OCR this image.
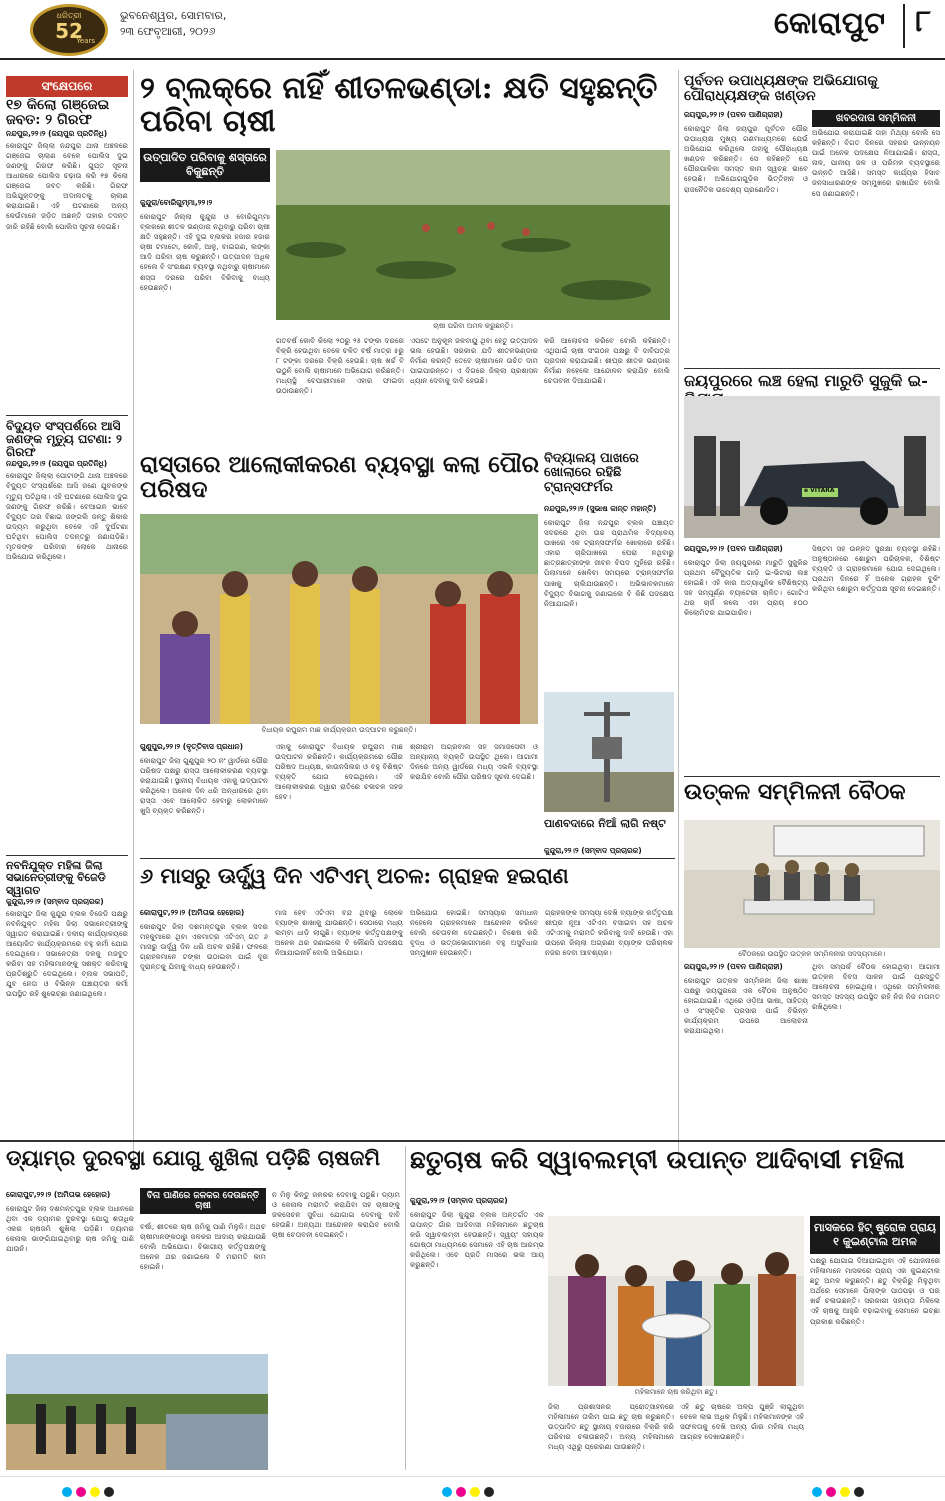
ଧରିତ୍ରୀ
52
Years
ଭୁବନେଶ୍ୱର, ସୋମବାର,
୨୩ ଫେବୃଆରୀ, ୨୦୨୬	କୋରାପୁଟ	୮
ସଂକ୍ଷେପରେ
୧୭ କିଲୋ ଗଞ୍ଜେଇ ଜବତ: ୨ ଗିରଫ
ନନ୍ଦପୁର,୨୨।୨ (ଜୟପୁର ପ୍ରତିନିଧି)
କୋରାପୁଟ ଜିଲ୍ଲା ନନ୍ଦପୁର ଥାନା ଅଞ୍ଚଳରେ ଗଞ୍ଜେଇ ଚାଲାଣ ବେଳେ ପୋଲିସ ଦୁଇ ଜଣଙ୍କୁ ଗିରଫ କରିଛି। ଗୁପ୍ତ ସୂଚନା ଆଧାରରେ ପୋଲିସ ଚଢ଼ାଉ କରି ୧୭ କିଲୋ ଗଞ୍ଜେଇ ଜବତ କରିଛି। ଗିରଫ ଅଭିଯୁକ୍ତଙ୍କୁ ଅଦାଲତକୁ ଚାଲାଣ କରାଯାଇଛି। ଏହି ଘଟଣାରେ ଅନ୍ୟ କେଉଁମାନେ ଜଡ଼ିତ ଅଛନ୍ତି ତାହାର ତଦନ୍ତ ଜାରି ରହିଛି ବୋଲି ପୋଲିସ ସୂଚନା ଦେଇଛି।
ବିଦ୍ୟୁତ ସଂସ୍ପର୍ଶରେ ଆସି ଜଣଙ୍କ ମୃତ୍ୟୁ ଘଟଣା: ୨ ଗିରଫ
ନନ୍ଦପୁର,୨୨।୨ (ଜୟପୁର ପ୍ରତିନିଧି)
କୋରାପୁଟ ଜିଲ୍ଲା ପୋଟାଙ୍ଗି ଥାନା ଅଞ୍ଚଳରେ ବିଦ୍ୟୁତ ସଂସ୍ପର୍ଶରେ ଆସି ଜଣେ ଯୁବକଙ୍କ ମୃତ୍ୟୁ ଘଟିଥିଲା। ଏହି ଘଟଣାରେ ପୋଲିସ ଦୁଇ ଜଣଙ୍କୁ ଗିରଫ କରିଛି। ବେଆଇନ ଭାବେ ବିଦ୍ୟୁତ ତାର ବିଛାଇ ଜଙ୍ଗଲି ଜନ୍ତୁ ଶିକାର ଉଦ୍ୟମ କରୁଥିବା ବେଳେ ଏହି ଦୁର୍ଘଟଣା ଘଟିଥିବା ପୋଲିସ ତଦନ୍ତରୁ ଜଣାପଡ଼ିଛି। ମୃତକଙ୍କ ପରିବାର ଲୋକେ ଥାନାରେ ଅଭିଯୋଗ କରିଥିଲେ।
ନବନିଯୁକ୍ତ ମହିଳା ଜିଲା ସଭାନେତ୍ରୀଙ୍କୁ ବିଜେଡି ସ୍ୱାଗତ
କୁନ୍ଦୁରା,୨୨।୨ (ସମ୍ବାଦ ପ୍ରଚାରକ)
କୋରାପୁଟ ଜିଲା କୁନ୍ଦୁରା ବ୍ଲକ ବିଜେଡି ପକ୍ଷରୁ ନବନିଯୁକ୍ତ ମହିଳା ଜିଲା ସଭାନେତ୍ରୀଙ୍କୁ ସ୍ୱାଗତ କରାଯାଇଛି। ଦଳୀୟ କାର୍ଯ୍ୟାଳୟରେ ଆୟୋଜିତ କାର୍ଯ୍ୟକ୍ରମରେ ବହୁ କର୍ମୀ ଯୋଗ ଦେଇଥିଲେ। ସଭାନେତ୍ରୀ ଦଳକୁ ମଜବୁତ କରିବା ସହ ମହିଳାମାନଙ୍କୁ ସଶକ୍ତ କରିବାକୁ ପ୍ରତିଶ୍ରୁତି ଦେଇଥିଲେ। ବ୍ଲକ ସଭାପତି, ଯୁବ ନେତା ଓ ବିଭିନ୍ନ ପଞ୍ଚାୟତର କର୍ମୀ ଉପସ୍ଥିତ ରହି ଶୁଭେଚ୍ଛା ଜଣାଇଥିଲେ।
୨ ବ୍ଲକ୍‌ରେ ନାହିଁ ଶୀତଳଭଣ୍ଡା: କ୍ଷତି ସହୁଛନ୍ତି ପରିବା ଚାଷୀ
ଉତ୍ପାଦିତ ପରିବାକୁ ଶସ୍ତାରେ ବିକୁଛନ୍ତି
କୁନ୍ଦୁରା/ବୋରିଗୁମ୍ମା,୨୨।୨
କୋରାପୁଟ ଜିଲ୍ଲା କୁନ୍ଦୁରା ଓ ବୋରିଗୁମ୍ମା ବ୍ଲକରେ ଶୀତଳ ଭଣ୍ଡାର ନଥିବାରୁ ପରିବା ଚାଷୀ କ୍ଷତି ସହୁଛନ୍ତି। ଏହି ଦୁଇ ବ୍ଲକର ହଜାର ହଜାର ଚାଷୀ ଟମାଟୋ, କୋବି, ଆଳୁ, ବାଇଗଣ, ଲଙ୍କା ଆଦି ପରିବା ଚାଷ କରୁଛନ୍ତି। ଉତ୍ପାଦନ ଅଧିକ ହେଲେ ବି ସଂରକ୍ଷଣ ବ୍ୟବସ୍ଥା ନଥିବାରୁ ଚାଷୀମାନେ ଶସ୍ତା ଦରରେ ପରିବା ବିକିବାକୁ ବାଧ୍ୟ ହେଉଛନ୍ତି।
ଚାଷୀ ପରିବା ଅମଳ କରୁଛନ୍ତି।
ଗତବର୍ଷ କୋବି କିଲୋ ୨୦ରୁ ୨୫ ଟଙ୍କା ଦରରେ ବିକ୍ରି ହେଉଥିବା ବେଳେ ଚଳିତ ବର୍ଷ ମାତ୍ର ୫ରୁ ୮ ଟଙ୍କା ଦରରେ ବିକ୍ରି ହେଉଛି। ଚାଷ ଖର୍ଚ୍ଚ ବି ଉଠୁନି ବୋଲି ଚାଷୀମାନେ ଅଭିଯୋଗ କରିଛନ୍ତି। ମଧ୍ୟସ୍ଥି ବେପାରୀମାନେ ଏହାର ଫାଇଦା ଉଠାଉଛନ୍ତି।
ଏପଟେ ଅନୁକୂଳ ଜଳବାୟୁ ଥିବା ହେତୁ ଉତ୍ପାଦନ ଭଲ ହେଉଛି। ସରକାର ଯଦି ଶୀତଳଭଣ୍ଡାର ନିର୍ମାଣ କରନ୍ତି ତେବେ ଚାଷୀମାନେ ଉଚିତ ଦାମ ପାଇପାରନ୍ତେ। ଏ ଦିଗରେ ଜିଲ୍ଲା ପ୍ରଶାସନ ଧ୍ୟାନ ଦେବାକୁ ଦାବି ହେଉଛି।
କରି ଆଲୋଚନା କରିବେ ବୋଲି କହିଛନ୍ତି। ଏଥିପାଇଁ ଚାଷୀ ସଂଗଠନ ପକ୍ଷରୁ ବି ଦାବିପତ୍ର ପ୍ରଦାନ କରାଯାଇଛି। ଶୀଘ୍ର ଶୀତଳ ଭଣ୍ଡାର ନିର୍ମାଣ ନହେଲେ ଆନ୍ଦୋଳନ କରାଯିବ ବୋଲି ଚେତାବନୀ ଦିଆଯାଇଛି।
ରାସ୍ତାରେ ଆଲୋକୀକରଣ ବ୍ୟବସ୍ଥା କଲା ପୌର ପରିଷଦ
ବିଧାୟକ ରଘୁରାମ ମାଛ କାର୍ଯ୍ୟକ୍ରମ ଉଦ୍‌ଘାଟନ କରୁଛନ୍ତି।
ଗୁଣୁପୁର,୨୨।୨ (ବୃତ୍ତିବାସ ପ୍ରଧାନ)
କୋରାପୁଟ ଜିଲା ଗୁଣୁପୁର ୨୦ ନଂ ୱାର୍ଡରେ ପୌର ପରିଷଦ ପକ୍ଷରୁ ରାସ୍ତା ଆଲୋକୀକରଣ ବ୍ୟବସ୍ଥା କରାଯାଇଛି। ସ୍ଥାନୀୟ ବିଧାୟକ ଏହାକୁ ଉଦ୍‌ଘାଟନ କରିଥିଲେ। ଅନେକ ଦିନ ଧରି ଅନ୍ଧାରରେ ଥିବା ରାସ୍ତା ଏବେ ଆଲୋକିତ ହେବାରୁ ଲୋକମାନେ ଖୁସି ବ୍ୟକ୍ତ କରିଛନ୍ତି।
ଏହାକୁ କୋରାପୁଟ ବିଧାୟକ ରଘୁରାମ ମାଛ ଉଦ୍‌ଘାଟନ କରିଛନ୍ତି। କାର୍ଯ୍ୟକ୍ରମରେ ପୌର ପରିଷଦ ଅଧ୍ୟକ୍ଷ, କାଉନସିଲର ଓ ବହୁ ବିଶିଷ୍ଟ ବ୍ୟକ୍ତି ଯୋଗ ଦେଇଥିଲେ। ଏହି ଆଲୋକୀକରଣ ଦ୍ୱାରା ରାତିରେ ଚଳାଚଳ ସହଜ ହେବ।
ଶ୍ରୀରାମ ଅଗ୍ରବାଲ ସହ ସମାଜସେବୀ ଓ ଅନ୍ୟାନ୍ୟ ବ୍ୟକ୍ତି ଉପସ୍ଥିତ ଥିଲେ। ଆଗାମୀ ଦିନରେ ଅନ୍ୟ ୱାର୍ଡରେ ମଧ୍ୟ ଏଭଳି ବ୍ୟବସ୍ଥା କରାଯିବ ବୋଲି ପୌର ପରିଷଦ ସୂଚନା ଦେଇଛି।
୬ ମାସରୁ ଊର୍ଦ୍ଧ୍ୱ ଦିନ ଏଟିଏମ୍ ଅଚଳ: ଗ୍ରାହକ ହଇରାଣ
କୋରାପୁଟ,୨୨।୨ (ଅମିତାଭ ହେହୋର)
କୋରାପୁଟ ଜିଲା ଦଶମନ୍ତପୁର ବ୍ଲକ ସଦର ମହକୁମାରେ ଥିବା ଏକମାତ୍ର ଏଟିଏମ୍ ଗତ ୬ ମାସରୁ ଊର୍ଦ୍ଧ୍ୱ ଦିନ ଧରି ଅଚଳ ରହିଛି। ଫଳରେ ଗ୍ରାହକମାନେ ଟଙ୍କା ଉଠାଇବା ପାଇଁ ଦୂର ଦୂରାନ୍ତକୁ ଯିବାକୁ ବାଧ୍ୟ ହେଉଛନ୍ତି।
ମାସ ହେବ ଏଟିଏମ ବନ୍ଦ ଥିବାରୁ ଲୋକେ ବ୍ୟାଙ୍କ ଶାଖାକୁ ଯାଉଛନ୍ତି। ସେଠାରେ ମଧ୍ୟ ଲମ୍ବା ଧାଡ଼ି ଲାଗୁଛି। ବ୍ୟାଙ୍କ କର୍ତ୍ତୃପକ୍ଷଙ୍କୁ ଅନେକ ଥର ଜଣାଇଲେ ବି କୌଣସି ପଦକ୍ଷେପ ନିଆଯାଇନାହିଁ ବୋଲି ଅଭିଯୋଗ।
ଅଭିଯୋଗ ହୋଇଛି। ସମସ୍ୟାର ସମାଧାନ ନହେଲେ ଗ୍ରାହକମାନେ ଆନ୍ଦୋଳନ କରିବେ ବୋଲି ଚେତାବନୀ ଦେଇଛନ୍ତି। ବିଶେଷ କରି ବୃଦ୍ଧ ଓ ଭତ୍ତାଭୋଗୀମାନେ ବହୁ ଅସୁବିଧାର ସମ୍ମୁଖୀନ ହେଉଛନ୍ତି।
ଗ୍ରାହକଙ୍କ ସମସ୍ୟା ଦେଖି ବ୍ୟାଙ୍କ କର୍ତ୍ତୃପକ୍ଷ ଶୀଘ୍ର ନୂଆ ଏଟିଏମ ବସାଇବା ସହ ଅଚଳ ଏଟିଏମକୁ ମରାମତି କରିବାକୁ ଦାବି ହେଉଛି। ଏହା ଉପରେ ଜିଲ୍ଲା ଅଗ୍ରଣୀ ବ୍ୟାଙ୍କ ପରିଚାଳକ ନଜର ଦେବା ଆବଶ୍ୟକ।
ବିଦ୍ୟାଳୟ ପାଖରେ ଖୋଲାରେ ରହିଛି ଟ୍ରାନ୍ସଫର୍ମର
ନନ୍ଦପୁର,୨୨।୨ (ସୁଭାଷ କାନ୍ତ ମହାନ୍ତି)
କୋରାପୁଟ ଜିଲା ନନ୍ଦପୁର ବ୍ଲକ ପଞ୍ଚାୟତ ସଦରରେ ଥିବା ଉଚ୍ଚ ପ୍ରାଥମିକ ବିଦ୍ୟାଳୟ ପାଖରେ ଏକ ଟ୍ରାନ୍ସଫର୍ମର ଖୋଲାରେ ରହିଛି। ଏହାର ଚାରିପାଖରେ ଘେରା ନଥିବାରୁ ଛାତ୍ରଛାତ୍ରୀଙ୍କ ଜୀବନ ବିପଦ ମୁହଁରେ ରହିଛି। ପିଲାମାନେ ଖେଳିବା ସମୟରେ ଟ୍ରାନ୍ସଫର୍ମର ପାଖକୁ ଚାଲିଯାଉଛନ୍ତି। ଅଭିଭାବକମାନେ ବିଦ୍ୟୁତ ବିଭାଗକୁ ଜଣାଇଲେ ବି କିଛି ପଦକ୍ଷେପ ନିଆଯାଇନି।
ପାଣବଦାରେ ନିଆଁ ଲାଗି ନଷ୍ଟ
କୁନ୍ଦୁରା,୨୨।୨ (ସମ୍ବାଦ ପ୍ରଚାରକ)
ପୂର୍ବତନ ଉପାଧ୍ୟକ୍ଷଙ୍କ ଅଭିଯୋଗକୁ ପୌରାଧ୍ୟକ୍ଷଙ୍କ ଖଣ୍ଡନ
ଜୟପୁର,୨୨।୨ (ପବନ ପାଣିଗ୍ରାହୀ)	ଖବରଦାତା ସମ୍ମିଳନୀ
କୋରାପୁଟ ଜିଲା ଜୟପୁର ପୂର୍ବତନ ପୌର ଉପାଧ୍ୟକ୍ଷ ମୁଖ୍ୟ ଗଣମାଧ୍ୟମରେ ଯେଉଁ ଅଭିଯୋଗ କରିଥିଲେ ତାହାକୁ ପୌରାଧ୍ୟକ୍ଷ ଖଣ୍ଡନ କରିଛନ୍ତି। ସେ କହିଛନ୍ତି ଯେ ପୌରପାଳିକା ସମସ୍ତ କାମ ସ୍ୱଚ୍ଛ ଭାବେ ହେଉଛି। ଅଭିଯୋଗଗୁଡ଼ିକ ଭିତ୍ତିହୀନ ଓ ରାଜନୈତିକ ଉଦ୍ଦେଶ୍ୟ ପ୍ରଣୋଦିତ।
ଅଭିଯୋଗ କରାଯାଇଛି ତାହା ମିଥ୍ୟା ବୋଲି ସେ କହିଛନ୍ତି। ବିଗତ ଦିନରେ ସହରର ଉନ୍ନୟନ ପାଇଁ ଅନେକ ପଦକ୍ଷେପ ନିଆଯାଇଛି। ରାସ୍ତା, ନାଳ, ପାନୀୟ ଜଳ ଓ ପରିମଳ ବ୍ୟବସ୍ଥାରେ ଉନ୍ନତି ଆସିଛି। ସମସ୍ତ କାର୍ଯ୍ୟର ହିସାବ ଜନସାଧାରଣଙ୍କ ସମ୍ମୁଖରେ ରଖାଯିବ ବୋଲି ସେ ଜଣାଇଛନ୍ତି।
ଜୟପୁରରେ ଲଞ୍ଚ ହେଲା ମାରୁତି ସୁଜୁକି ଇ-
e VITARA
ଜୟପୁର,୨୨।୨ (ପବନ ପାଣିଗ୍ରାହୀ)
କୋରାପୁଟ ଜିଲା ଜୟପୁରରେ ମାରୁତି ସୁଜୁକିର ପ୍ରଥମ ବୈଦ୍ୟୁତିକ ଗାଡ଼ି ଇ-ଭିଟାରା ଲଞ୍ଚ ହୋଇଛି। ଏହି କାର ଅତ୍ୟାଧୁନିକ ବୈଶିଷ୍ଟ୍ୟ ସହ ସମ୍ପୂର୍ଣ୍ଣ ବ୍ୟାଟେରୀ ଚାଳିତ। ଗୋଟିଏ ଥର ଚାର୍ଜ କଲେ ଏହା ପ୍ରାୟ ୫୦୦ କିଲୋମିଟର ଯାଇପାରିବ।
ସିଷ୍ଟମ ସହ ଉନ୍ନତ ସୁରକ୍ଷା ବ୍ୟବସ୍ଥା ରହିଛି। ଅନୁଷ୍ଠାନରେ ଶୋରୁମ ପରିଚାଳକ, ବିଶିଷ୍ଟ ବ୍ୟକ୍ତି ଓ ଗ୍ରାହକମାନେ ଯୋଗ ଦେଇଥିଲେ। ପ୍ରଥମ ଦିନରେ ହିଁ ଅନେକ ଗ୍ରାହକ ବୁକିଂ କରିଥିବା ଶୋରୁମ କର୍ତ୍ତୃପକ୍ଷ ସୂଚନା ଦେଇଛନ୍ତି।
ଉତ୍କଳ ସମ୍ମିଳନୀ ବୈଠକ
ବୈଠକରେ ଉପସ୍ଥିତ ଉତ୍କଳ ସମ୍ମିଳନୀର ସଦସ୍ୟମାନେ।
ଜୟପୁର,୨୨।୨ (ପବନ ପାଣିଗ୍ରାହୀ)
କୋରାପୁଟ ଉତ୍କଳ ସମ୍ମିଳନୀ ଜିଲା ଶାଖା ପକ୍ଷରୁ ଜୟପୁରରେ ଏକ ବୈଠକ ଅନୁଷ୍ଠିତ ହୋଇଯାଇଛି। ଏଥିରେ ଓଡ଼ିଆ ଭାଷା, ସାହିତ୍ୟ ଓ ସଂସ୍କୃତିର ପ୍ରସାର ପାଇଁ ବିଭିନ୍ନ କାର୍ଯ୍ୟକ୍ରମ ଉପରେ ଆଲୋଚନା କରାଯାଇଥିଲା।
ଥିବା ସମ୍ପର୍କ ବୈଠକ ହୋଇଥିଲା। ଆଗାମୀ ଉତ୍କଳ ଦିବସ ପାଳନ ପାଇଁ ପ୍ରସ୍ତୁତି ଆଲୋଚନା ହୋଇଥିଲା। ଏଥିରେ ସମ୍ମିଳନୀର ସମସ୍ତ ସଦସ୍ୟ ଉପସ୍ଥିତ ରହି ନିଜ ନିଜ ମତାମତ ରଖିଥିଲେ।
ଡ୍ୟାମ୍‌ର ଦୁରବସ୍ଥା ଯୋଗୁ ଶୁଖିଲା ପଡ଼ିଛି ଚାଷଜମି
କୋରାପୁଟ,୨୨।୨ (ଅମିତାଭ ହେହୋର)	ବିନା ପାଣିରେ ଜଳକର ଦେଉଛନ୍ତି ଚାଷୀ
କୋରାପୁଟ ଜିଲା ଦଶମନ୍ତପୁର ବ୍ଲକ ଅଧୀନରେ ଥିବା ଏକ ଡ୍ୟାମର ଦୁରବସ୍ଥା ଯୋଗୁ ଶତାଧିକ ଏକର ଚାଷଜମି ଶୁଖିଲା ପଡ଼ିଛି। ଡ୍ୟାମର କେନାଲ ଭାଙ୍ଗିଯାଇଥିବାରୁ ଚାଷ ଜମିକୁ ପାଣି ଯାଉନି।
ବର୍ଷା, ଶୀତରେ ଚାଷ ଜମିକୁ ପାଣି ମିଳୁନି। ଅଥଚ ଚାଷୀମାନଙ୍କଠାରୁ ଜଳକର ଆଦାୟ କରାଯାଉଛି ବୋଲି ଅଭିଯୋଗ। ବିଭାଗୀୟ କର୍ତ୍ତୃପକ୍ଷଙ୍କୁ ଅନେକ ଥର ଜଣାଇଲେ ବି ମରାମତି କାମ ହୋଇନି।
ନ ମିଳୁ କିନ୍ତୁ ଜଳକର ଦେବାକୁ ପଡୁଛି। ଡ୍ୟାମ ଓ କେନାଲ ମରାମତି କରାଯିବା ସହ ଚାଷୀଙ୍କୁ ଜଳସେଚନ ସୁବିଧା ଯୋଗାଇ ଦେବାକୁ ଦାବି ହେଉଛି। ଅନ୍ୟଥା ଆନ୍ଦୋଳନ କରାଯିବ ବୋଲି ଚାଷୀ ଚେତାବନୀ ଦେଇଛନ୍ତି।
ଛତୁଚାଷ କରି ସ୍ୱାବଲମ୍ବୀ ଉପାନ୍ତ ଆଦିବାସୀ ମହିଳା
କୁନ୍ଦୁରା,୨୨।୨ (ସମ୍ବାଦ ପ୍ରଚାରକ)
କୋରାପୁଟ ଜିଲା କୁନ୍ଦୁରା ବ୍ଲକ ଅନ୍ତର୍ଗତ ଏକ ଉପାନ୍ତ ଗାଁର ଆଦିବାସୀ ମହିଳାମାନେ ଛତୁଚାଷ କରି ସ୍ୱାବଲମ୍ବୀ ହେଉଛନ୍ତି। ସ୍ୱୟଂ ସହାୟକ ଗୋଷ୍ଠୀ ମାଧ୍ୟମରେ ସେମାନେ ଏହି ଚାଷ ଆରମ୍ଭ କରିଥିଲେ। ଏବେ ପ୍ରତି ମାସରେ ଭଲ ଆୟ କରୁଛନ୍ତି।
ମହିଳାମାନେ ଚାଷ କରିଥିବା ଛତୁ।
ଜିଲା ପ୍ରଶାସନର ପ୍ରୋତ୍ସାହନରେ ମହିଳାମାନେ ତାଲିମ ପାଇ ଛତୁ ଚାଷ କରୁଛନ୍ତି। ଉତ୍ପାଦିତ ଛତୁ ସ୍ଥାନୀୟ ବଜାରରେ ବିକ୍ରି କରି ପରିବାର ଚଳାଉଛନ୍ତି। ଅନ୍ୟ ମହିଳାମାନେ ମଧ୍ୟ ଏଥିରୁ ପ୍ରେରଣା ପାଉଛନ୍ତି।
ଏହି ଛତୁ ଚାଷରେ ଅଳ୍ପ ପୁଞ୍ଜି ଲାଗୁଥିବା ବେଳେ ଲାଭ ଅଧିକ ମିଳୁଛି। ମହିଳାମାନଙ୍କ ଏହି ସଫଳତାକୁ ଦେଖି ଅନ୍ୟ ଗାଁର ମହିଳା ମଧ୍ୟ ଆଗ୍ରହ ଦେଖାଉଛନ୍ତି।
ମାସକରେ ହିଟ୍ ଷ୍ଟ୍ରୋକ ପ୍ରାୟ ୧ କୁଇଣ୍ଟାଲ ଅମଳ
ପକ୍ଷରୁ ଯୋଗାଇ ଦିଆଯାଇଥିବା ଏହି ଯୋଜନାରେ ମହିଳାମାନେ ମାସକରେ ପ୍ରାୟ ଏକ କୁଇଣ୍ଟାଲ ଛତୁ ଅମଳ କରୁଛନ୍ତି। ଛତୁ ବିକ୍ରିରୁ ମିଳୁଥିବା ଅର୍ଥରେ ସେମାନେ ପିଲାଙ୍କ ପାଠପଢ଼ା ଓ ଘର ଖର୍ଚ୍ଚ ଚଳାଉଛନ୍ତି। ସରକାରୀ ସହାୟତା ମିଳିଲେ ଏହି ଚାଷକୁ ଆହୁରି ବଢ଼ାଇବାକୁ ସେମାନେ ଇଚ୍ଛା ପ୍ରକାଶ କରିଛନ୍ତି।
